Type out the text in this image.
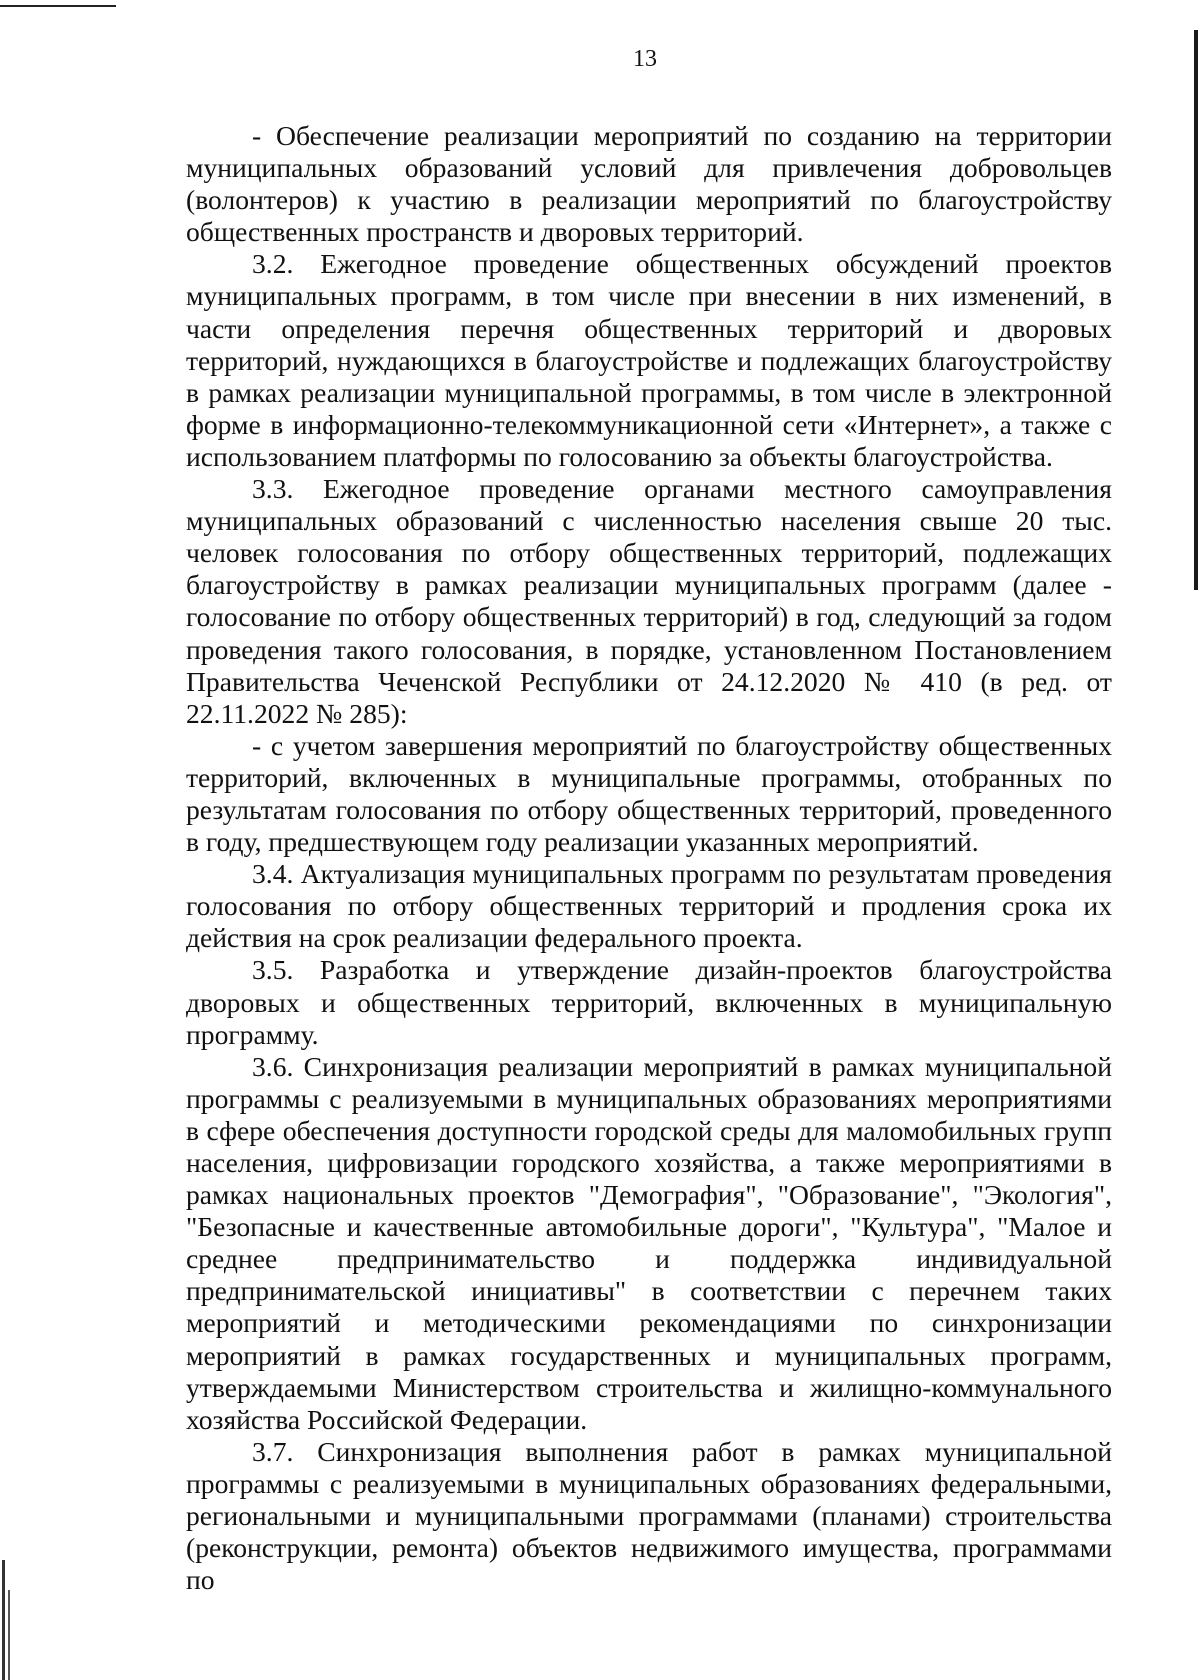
13

- Обеспечение реализации мероприятий по созданию на территории муниципальных образований условий для привлечения добровольцев (волонтеров) к участию в реализации мероприятий по благоустройству общественных пространств и дворовых территорий.

3.2. Ежегодное проведение общественных обсуждений проектов муниципальных программ, в том числе при внесении в них изменений, в части определения перечня общественных территорий и дворовых территорий, нуждающихся в благоустройстве и подлежащих благоустройству в рамках реализации муниципальной программы, в том числе в электронной форме в информационно-телекоммуникационной сети «Интернет», а также с использованием платформы по голосованию за объекты благоустройства.

3.3. Ежегодное проведение органами местного самоуправления муниципальных образований с численностью населения свыше 20 тыс. человек голосования по отбору общественных территорий, подлежащих благоустройству в рамках реализации муниципальных программ (далее - голосование по отбору общественных территорий) в год, следующий за годом проведения такого голосования, в порядке, установленном Постановлением Правительства Чеченской Республики от 24.12.2020 № 410 (в ред. от 22.11.2022 № 285):

- с учетом завершения мероприятий по благоустройству общественных территорий, включенных в муниципальные программы, отобранных по результатам голосования по отбору общественных территорий, проведенного в году, предшествующем году реализации указанных мероприятий.

3.4. Актуализация муниципальных программ по результатам проведения голосования по отбору общественных территорий и продления срока их действия на срок реализации федерального проекта.

3.5. Разработка и утверждение дизайн-проектов благоустройства дворовых и общественных территорий, включенных в муниципальную программу.

3.6. Синхронизация реализации мероприятий в рамках муниципальной программы с реализуемыми в муниципальных образованиях мероприятиями в сфере обеспечения доступности городской среды для маломобильных групп населения, цифровизации городского хозяйства, а также мероприятиями в рамках национальных проектов "Демография", "Образование", "Экология", "Безопасные и качественные автомобильные дороги", "Культура", "Малое и среднее предпринимательство и поддержка индивидуальной предпринимательской инициативы" в соответствии с перечнем таких мероприятий и методическими рекомендациями по синхронизации мероприятий в рамках государственных и муниципальных программ, утверждаемыми Министерством строительства и жилищно-коммунального хозяйства Российской Федерации.

3.7. Синхронизация выполнения работ в рамках муниципальной программы с реализуемыми в муниципальных образованиях федеральными, региональными и муниципальными программами (планами) строительства (реконструкции, ремонта) объектов недвижимого имущества, программами по
